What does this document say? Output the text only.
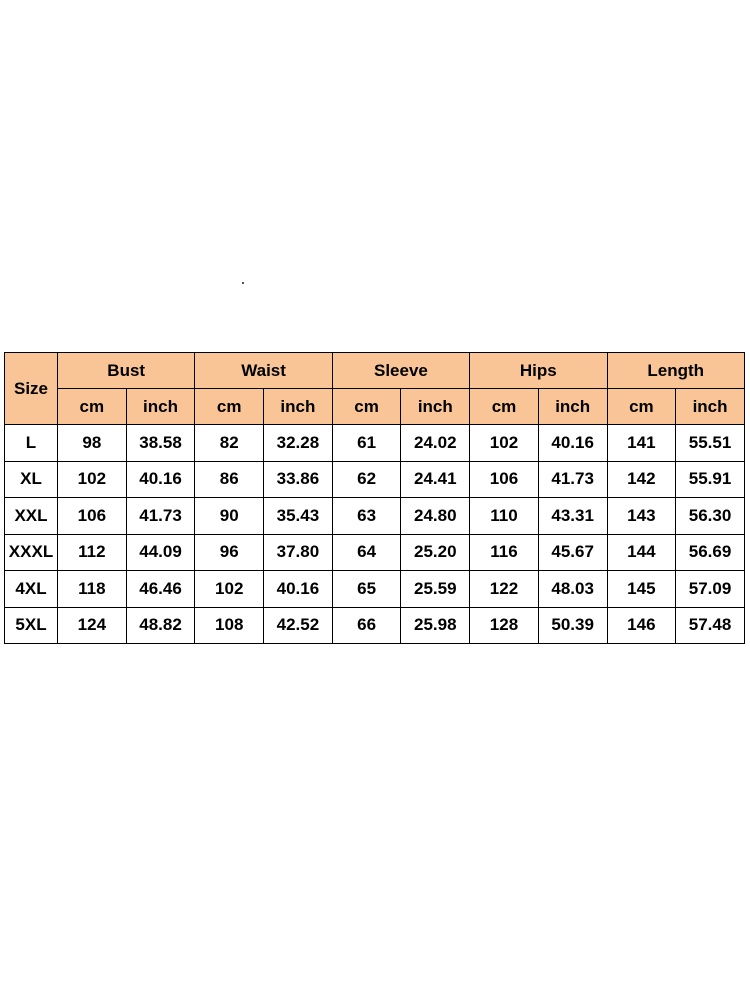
Size	Bust		Waist		Sleeve		Hips		Length	
	cm	inch	cm	inch	cm	inch	cm	inch	cm	inch
L	98	38.58	82	32.28	61	24.02	102	40.16	141	55.51
XL	102	40.16	86	33.86	62	24.41	106	41.73	142	55.91
XXL	106	41.73	90	35.43	63	24.80	110	43.31	143	56.30
XXXL	112	44.09	96	37.80	64	25.20	116	45.67	144	56.69
4XL	118	46.46	102	40.16	65	25.59	122	48.03	145	57.09
5XL	124	48.82	108	42.52	66	25.98	128	50.39	146	57.48
